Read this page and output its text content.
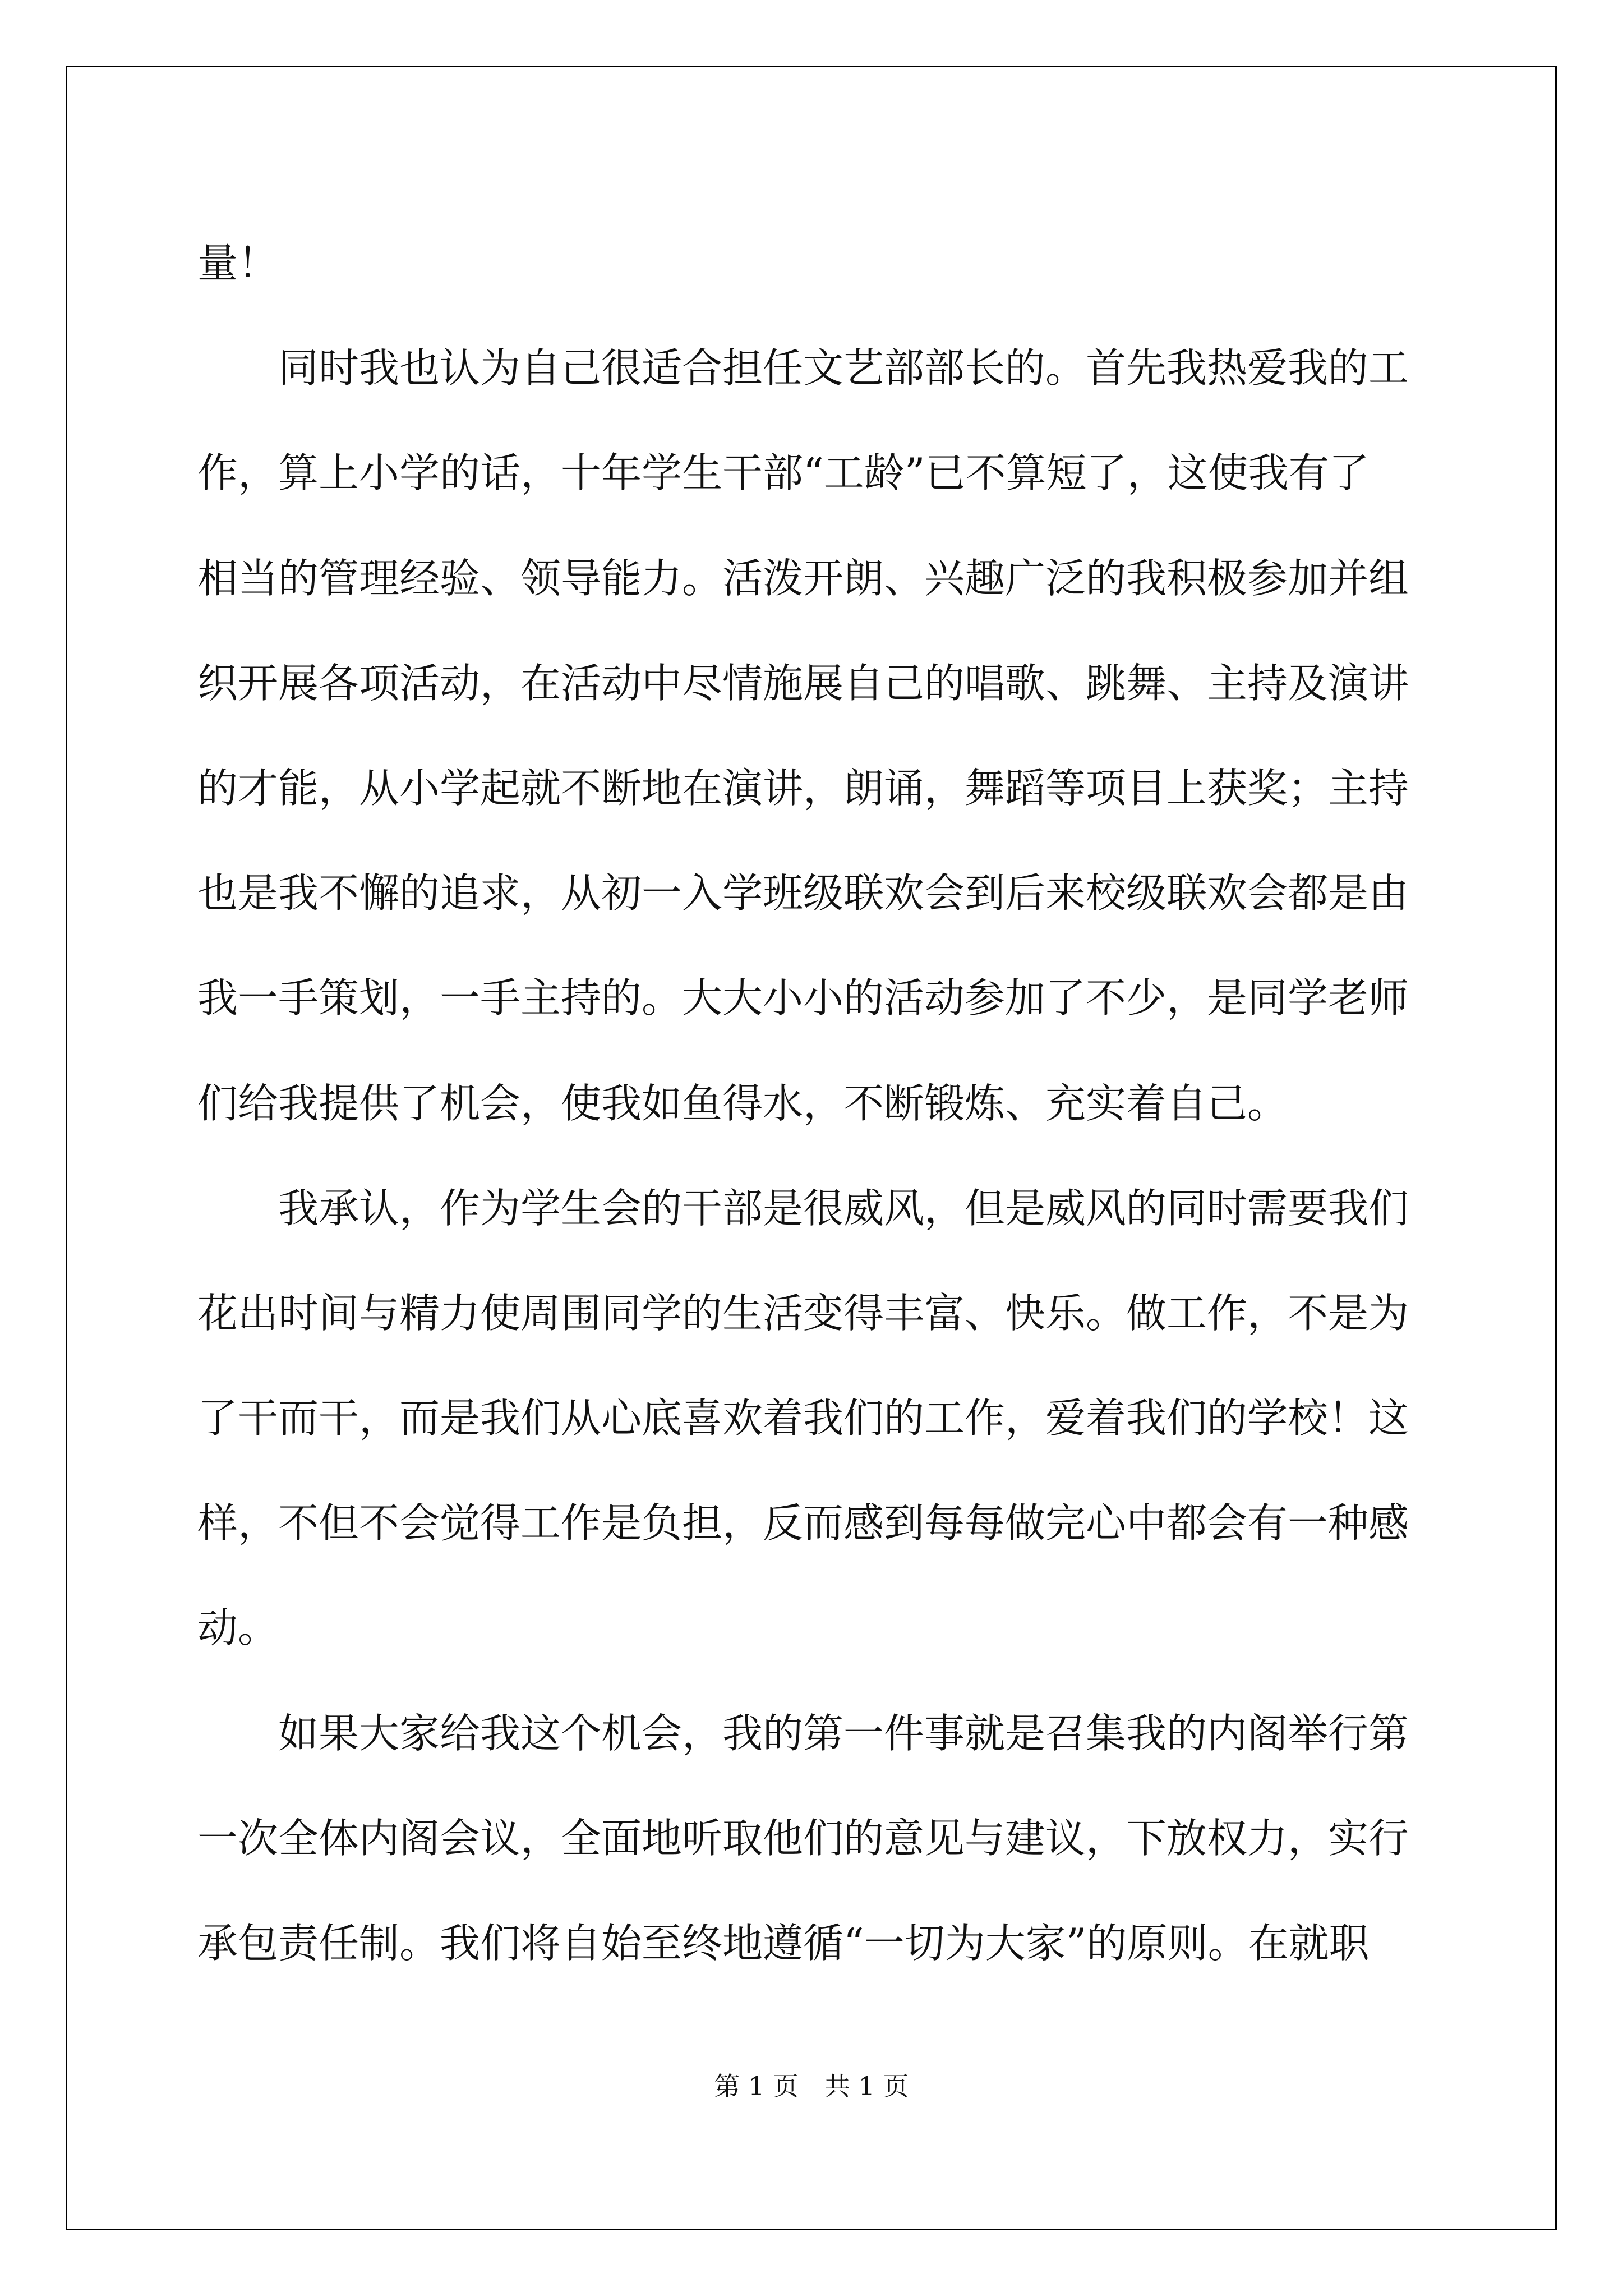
量！
　　同时我也认为自己很适合担任文艺部部长的。首先我热爱我的工
作，算上小学的话，十年学生干部“工龄”已不算短了，这使我有了
相当的管理经验、领导能力。活泼开朗、兴趣广泛的我积极参加并组
织开展各项活动，在活动中尽情施展自己的唱歌、跳舞、主持及演讲
的才能，从小学起就不断地在演讲，朗诵，舞蹈等项目上获奖；主持
也是我不懈的追求，从初一入学班级联欢会到后来校级联欢会都是由
我一手策划，一手主持的。大大小小的活动参加了不少，是同学老师
们给我提供了机会，使我如鱼得水，不断锻炼、充实着自己。
　　我承认，作为学生会的干部是很威风，但是威风的同时需要我们
花出时间与精力使周围同学的生活变得丰富、快乐。做工作，不是为
了干而干，而是我们从心底喜欢着我们的工作，爱着我们的学校！这
样，不但不会觉得工作是负担，反而感到每每做完心中都会有一种感
动。
　　如果大家给我这个机会，我的第一件事就是召集我的内阁举行第
一次全体内阁会议，全面地听取他们的意见与建议，下放权力，实行
承包责任制。我们将自始至终地遵循“一切为大家”的原则。在就职
第 1 页　共 1 页
